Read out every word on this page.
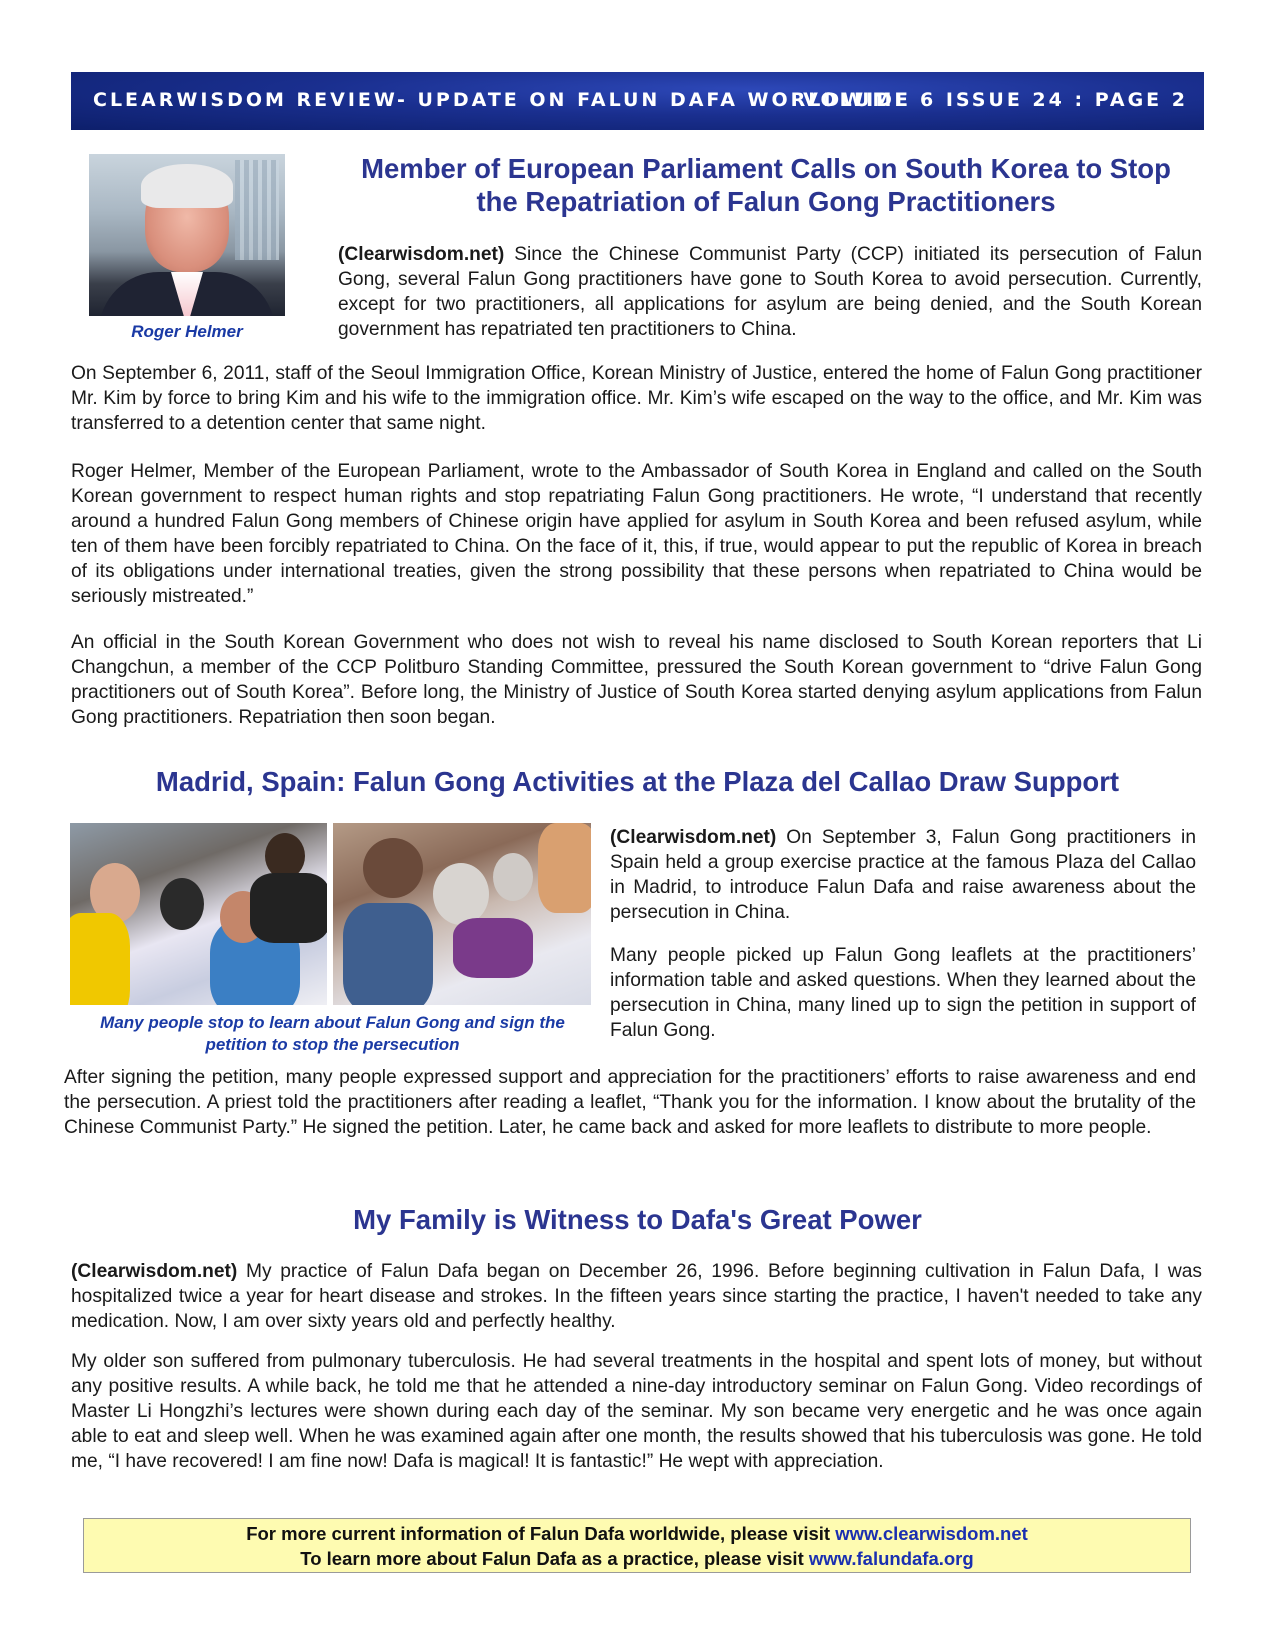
CLEARWISDOM REVIEW- UPDATE ON FALUN DAFA WORLDWIDE
VOLUME 6 ISSUE 24 : PAGE 2
Roger Helmer
Member of European Parliament Calls on South Korea to Stop
the Repatriation of Falun Gong Practitioners

(Clearwisdom.net) Since the Chinese Communist Party (CCP) initiated its persecution of Falun Gong, several Falun Gong practitioners have gone to South Korea to avoid persecution. Currently, except for two practitioners, all applications for asylum are being denied, and the South Korean government has repatriated ten practitioners to China.

On September 6, 2011, staff of the Seoul Immigration Office, Korean Ministry of Justice, entered the home of Falun Gong practitioner Mr. Kim by force to bring Kim and his wife to the immigration office. Mr. Kim’s wife escaped on the way to the office, and Mr. Kim was transferred to a detention center that same night.

Roger Helmer, Member of the European Parliament, wrote to the Ambassador of South Korea in England and called on the South Korean government to respect human rights and stop repatriating Falun Gong practitioners. He wrote, “I understand that recently around a hundred Falun Gong members of Chinese origin have applied for asylum in South Korea and been refused asylum, while ten of them have been forcibly repatriated to China. On the face of it, this, if true, would appear to put the republic of Korea in breach of its obligations under international treaties, given the strong possibility that these persons when repatriated to China would be seriously mistreated.”

An official in the South Korean Government who does not wish to reveal his name disclosed to South Korean reporters that Li Changchun, a member of the CCP Politburo Standing Committee, pressured the South Korean government to “drive Falun Gong practitioners out of South Korea”. Before long, the Ministry of Justice of South Korea started denying asylum applications from Falun Gong practitioners. Repatriation then soon began.

Madrid, Spain: Falun Gong Activities at the Plaza del Callao Draw Support
Many people stop to learn about Falun Gong and sign the
petition to stop the persecution

(Clearwisdom.net) On September 3, Falun Gong practitioners in Spain held a group exercise practice at the famous Plaza del Callao in Madrid, to introduce Falun Dafa and raise awareness about the persecution in China.

Many people picked up Falun Gong leaflets at the practitioners’ information table and asked questions. When they learned about the persecution in China, many lined up to sign the petition in support of Falun Gong.

After signing the petition, many people expressed support and appreciation for the practitioners’ efforts to raise awareness and end the persecution. A priest told the practitioners after reading a leaflet, “Thank you for the information. I know about the brutality of the Chinese Communist Party.” He signed the petition. Later, he came back and asked for more leaflets to distribute to more people.

My Family is Witness to Dafa's Great Power

(Clearwisdom.net) My practice of Falun Dafa began on December 26, 1996. Before beginning cultivation in Falun Dafa, I was hospitalized twice a year for heart disease and strokes. In the fifteen years since starting the practice, I haven't needed to take any medication. Now, I am over sixty years old and perfectly healthy.

My older son suffered from pulmonary tuberculosis. He had several treatments in the hospital and spent lots of money, but without any positive results. A while back, he told me that he attended a nine-day introductory seminar on Falun Gong. Video recordings of Master Li Hongzhi’s lectures were shown during each day of the seminar. My son became very energetic and he was once again able to eat and sleep well. When he was examined again after one month, the results showed that his tuberculosis was gone. He told me, “I have recovered! I am fine now! Dafa is magical! It is fantastic!” He wept with appreciation.

For more current information of Falun Dafa worldwide, please visit www.clearwisdom.net
To learn more about Falun Dafa as a practice, please visit www.falundafa.org
